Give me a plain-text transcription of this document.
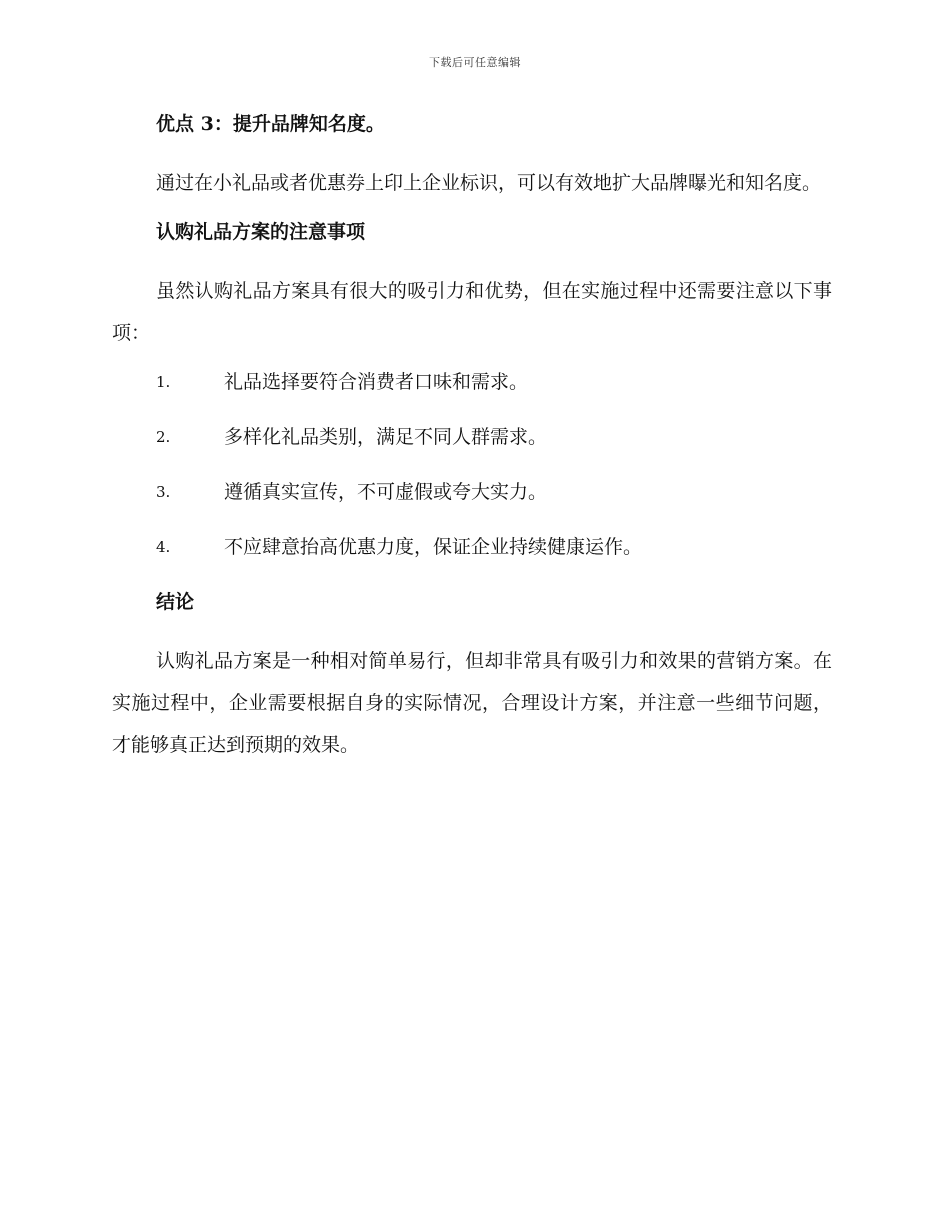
下载后可任意编辑
优点 3：提升品牌知名度。
通过在小礼品或者优惠券上印上企业标识，可以有效地扩大品牌曝光和知名度。
认购礼品方案的注意事项
虽然认购礼品方案具有很大的吸引力和优势，但在实施过程中还需要注意以下事项：
1.	礼品选择要符合消费者口味和需求。
2.	多样化礼品类别，满足不同人群需求。
3.	遵循真实宣传，不可虚假或夸大实力。
4.	不应肆意抬高优惠力度，保证企业持续健康运作。
结论
认购礼品方案是一种相对简单易行，但却非常具有吸引力和效果的营销方案。在实施过程中，企业需要根据自身的实际情况，合理设计方案，并注意一些细节问题，才能够真正达到预期的效果。
